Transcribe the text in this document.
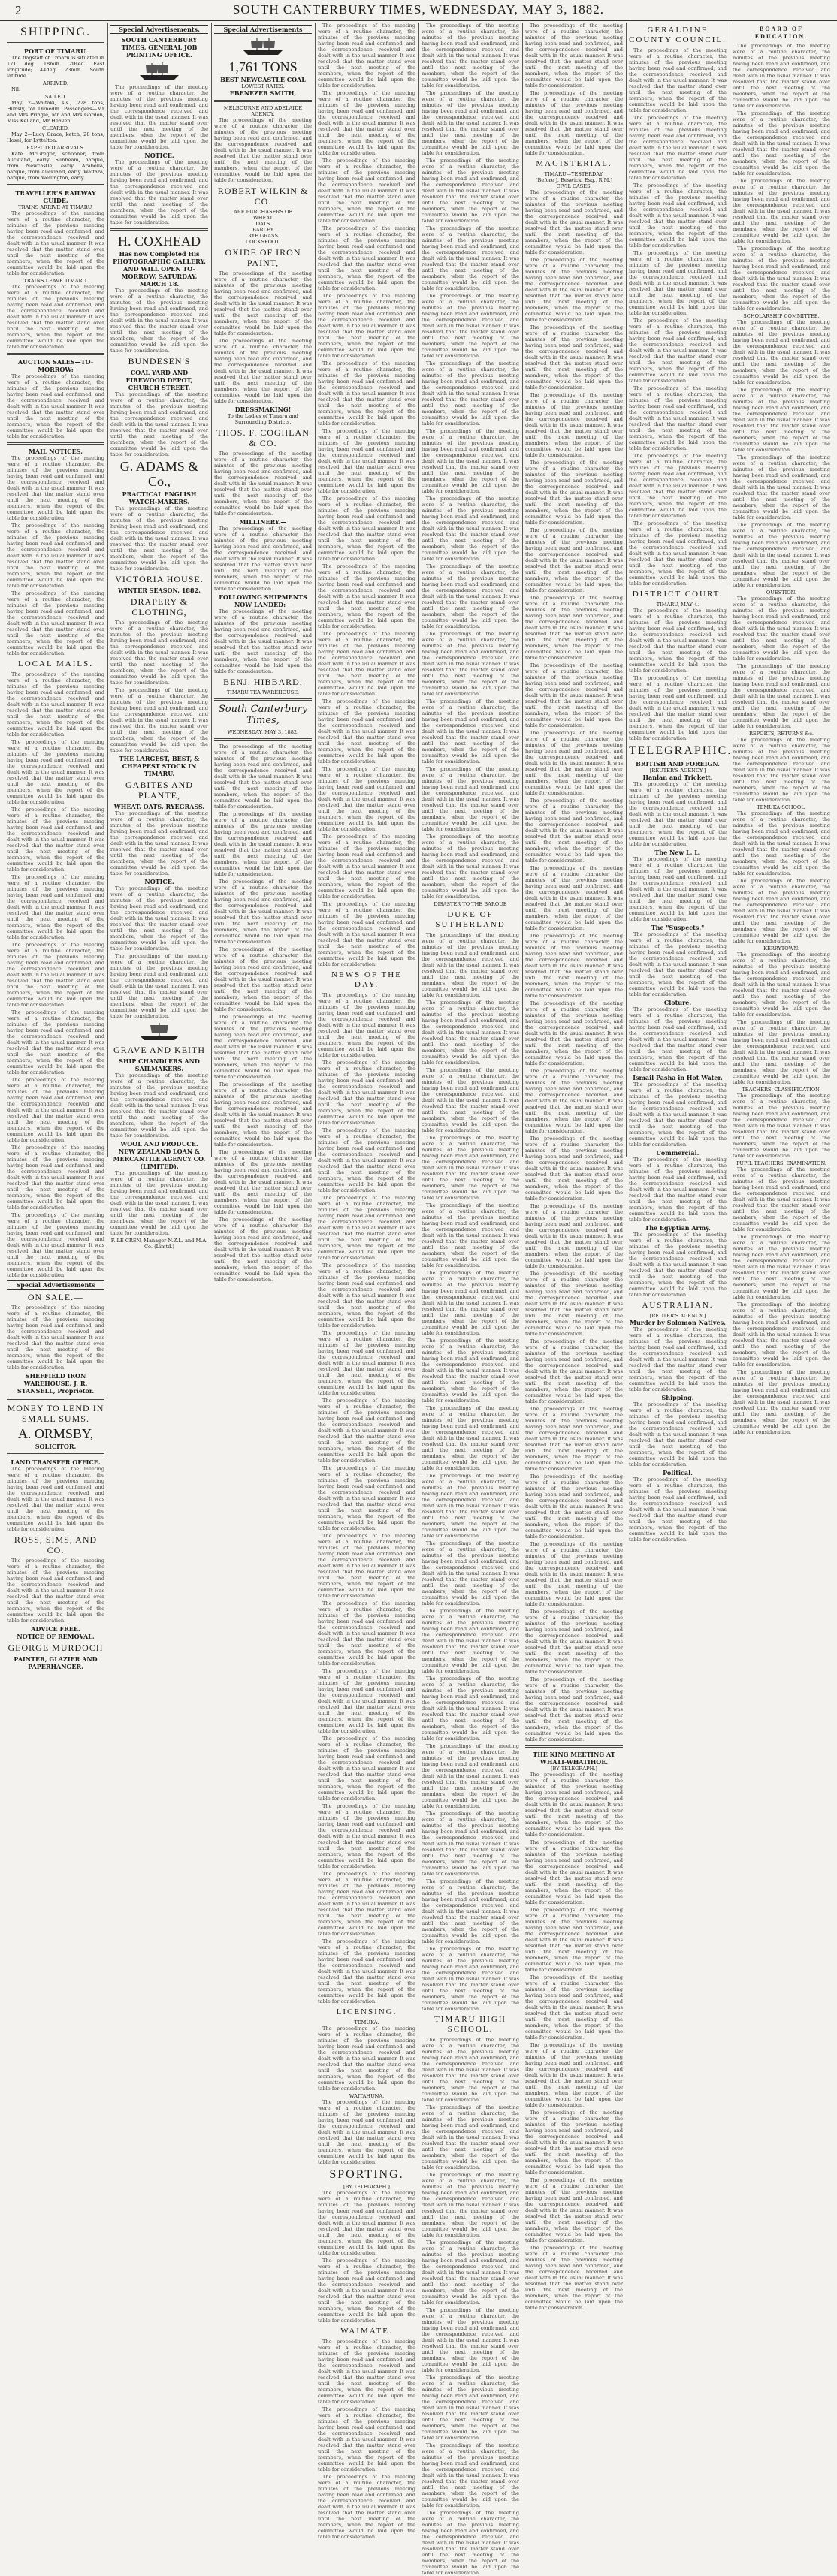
2	SOUTH CANTERBURY TIMES, WEDNESDAY, MAY 3, 1882.
SHIPPING.
PORT OF TIMARU.

The flagstaff of Timaru is situated in 171 deg. 18min. 20sec. East longitude; 44deg. 23min. South latitude.

ARRIVED.

Nil.

SAILED.

May 2—Waitaki, s.s., 228 tons, Hunsly, for Dunedin. Passengers—Mr and Mrs Pringle, Mr and Mrs Gordon, Miss Kelland, Mr Heaven.

CLEARED.

May 2—Lucy Grace, ketch, 28 tons, Hosel, for Lyttelton.

EXPECTED ARRIVALS.

Kate McGregor, schooner, from Auckland, early. Sunbeam, barque, from Newcastle, early. Arabella, barque, from Auckland, early. Waitara, barque, from Wellington, early.

TRAVELLER'S RAILWAY GUIDE.
TRAINS ARRIVE AT TIMARU.

The proceedings of the meeting were of a routine character, the minutes of the previous meeting having been read and confirmed, and the correspondence received and dealt with in the usual manner. It was resolved that the matter stand over until the next meeting of the members, when the report of the committee would be laid upon the table for consideration.

TRAINS LEAVE TIMARU.

The proceedings of the meeting were of a routine character, the minutes of the previous meeting having been read and confirmed, and the correspondence received and dealt with in the usual manner. It was resolved that the matter stand over until the next meeting of the members, when the report of the committee would be laid upon the table for consideration.

AUCTION SALES—TO-MORROW:

The proceedings of the meeting were of a routine character, the minutes of the previous meeting having been read and confirmed, and the correspondence received and dealt with in the usual manner. It was resolved that the matter stand over until the next meeting of the members, when the report of the committee would be laid upon the table for consideration.

MAIL NOTICES.

The proceedings of the meeting were of a routine character, the minutes of the previous meeting having been read and confirmed, and the correspondence received and dealt with in the usual manner. It was resolved that the matter stand over until the next meeting of the members, when the report of the committee would be laid upon the table for consideration.

The proceedings of the meeting were of a routine character, the minutes of the previous meeting having been read and confirmed, and the correspondence received and dealt with in the usual manner. It was resolved that the matter stand over until the next meeting of the members, when the report of the committee would be laid upon the table for consideration.

The proceedings of the meeting were of a routine character, the minutes of the previous meeting having been read and confirmed, and the correspondence received and dealt with in the usual manner. It was resolved that the matter stand over until the next meeting of the members, when the report of the committee would be laid upon the table for consideration.

LOCAL MAILS.

The proceedings of the meeting were of a routine character, the minutes of the previous meeting having been read and confirmed, and the correspondence received and dealt with in the usual manner. It was resolved that the matter stand over until the next meeting of the members, when the report of the committee would be laid upon the table for consideration.

The proceedings of the meeting were of a routine character, the minutes of the previous meeting having been read and confirmed, and the correspondence received and dealt with in the usual manner. It was resolved that the matter stand over until the next meeting of the members, when the report of the committee would be laid upon the table for consideration.

The proceedings of the meeting were of a routine character, the minutes of the previous meeting having been read and confirmed, and the correspondence received and dealt with in the usual manner. It was resolved that the matter stand over until the next meeting of the members, when the report of the committee would be laid upon the table for consideration.

The proceedings of the meeting were of a routine character, the minutes of the previous meeting having been read and confirmed, and the correspondence received and dealt with in the usual manner. It was resolved that the matter stand over until the next meeting of the members, when the report of the committee would be laid upon the table for consideration.

The proceedings of the meeting were of a routine character, the minutes of the previous meeting having been read and confirmed, and the correspondence received and dealt with in the usual manner. It was resolved that the matter stand over until the next meeting of the members, when the report of the committee would be laid upon the table for consideration.

The proceedings of the meeting were of a routine character, the minutes of the previous meeting having been read and confirmed, and the correspondence received and dealt with in the usual manner. It was resolved that the matter stand over until the next meeting of the members, when the report of the committee would be laid upon the table for consideration.

The proceedings of the meeting were of a routine character, the minutes of the previous meeting having been read and confirmed, and the correspondence received and dealt with in the usual manner. It was resolved that the matter stand over until the next meeting of the members, when the report of the committee would be laid upon the table for consideration.

The proceedings of the meeting were of a routine character, the minutes of the previous meeting having been read and confirmed, and the correspondence received and dealt with in the usual manner. It was resolved that the matter stand over until the next meeting of the members, when the report of the committee would be laid upon the table for consideration.

The proceedings of the meeting were of a routine character, the minutes of the previous meeting having been read and confirmed, and the correspondence received and dealt with in the usual manner. It was resolved that the matter stand over until the next meeting of the members, when the report of the committee would be laid upon the table for consideration.

Special Advertisements
ON SALE.—

The proceedings of the meeting were of a routine character, the minutes of the previous meeting having been read and confirmed, and the correspondence received and dealt with in the usual manner. It was resolved that the matter stand over until the next meeting of the members, when the report of the committee would be laid upon the table for consideration.

SHEFFIELD IRON WAREHOUSE, J. R. STANSELL, Proprietor.
MONEY TO LEND IN SMALL SUMS.
A. ORMSBY,
SOLICITOR.
LAND TRANSFER OFFICE.

The proceedings of the meeting were of a routine character, the minutes of the previous meeting having been read and confirmed, and the correspondence received and dealt with in the usual manner. It was resolved that the matter stand over until the next meeting of the members, when the report of the committee would be laid upon the table for consideration.

ROSS, SIMS, AND CO.

The proceedings of the meeting were of a routine character, the minutes of the previous meeting having been read and confirmed, and the correspondence received and dealt with in the usual manner. It was resolved that the matter stand over until the next meeting of the members, when the report of the committee would be laid upon the table for consideration.

ADVICE FREE.
NOTICE OF REMOVAL.
GEORGE MURDOCH
PAINTER, GLAZIER AND PAPERHANGER.
Special Advertisements.
SOUTH CANTERBURY TIMES, GENERAL JOB PRINTING OFFICE.

The proceedings of the meeting were of a routine character, the minutes of the previous meeting having been read and confirmed, and the correspondence received and dealt with in the usual manner. It was resolved that the matter stand over until the next meeting of the members, when the report of the committee would be laid upon the table for consideration.

NOTICE.

The proceedings of the meeting were of a routine character, the minutes of the previous meeting having been read and confirmed, and the correspondence received and dealt with in the usual manner. It was resolved that the matter stand over until the next meeting of the members, when the report of the committee would be laid upon the table for consideration.

H. COXHEAD
Has now Completed His PHOTOGRAPHIC GALLERY, AND WILL OPEN TO-MORROW, SATURDAY, MARCH 18.

The proceedings of the meeting were of a routine character, the minutes of the previous meeting having been read and confirmed, and the correspondence received and dealt with in the usual manner. It was resolved that the matter stand over until the next meeting of the members, when the report of the committee would be laid upon the table for consideration.

BUNDESEN'S
COAL YARD AND FIREWOOD DEPOT, CHURCH STREET.

The proceedings of the meeting were of a routine character, the minutes of the previous meeting having been read and confirmed, and the correspondence received and dealt with in the usual manner. It was resolved that the matter stand over until the next meeting of the members, when the report of the committee would be laid upon the table for consideration.

G. ADAMS & Co.,
PRACTICAL ENGLISH WATCH-MAKERS.

The proceedings of the meeting were of a routine character, the minutes of the previous meeting having been read and confirmed, and the correspondence received and dealt with in the usual manner. It was resolved that the matter stand over until the next meeting of the members, when the report of the committee would be laid upon the table for consideration.

VICTORIA HOUSE.
WINTER SEASON, 1882.
DRAPERY & CLOTHING,

The proceedings of the meeting were of a routine character, the minutes of the previous meeting having been read and confirmed, and the correspondence received and dealt with in the usual manner. It was resolved that the matter stand over until the next meeting of the members, when the report of the committee would be laid upon the table for consideration.

The proceedings of the meeting were of a routine character, the minutes of the previous meeting having been read and confirmed, and the correspondence received and dealt with in the usual manner. It was resolved that the matter stand over until the next meeting of the members, when the report of the committee would be laid upon the table for consideration.

THE LARGEST, BEST, & CHEAPEST STOCK IN TIMARU.
GABITES AND PLANTE,
WHEAT. OATS. RYEGRASS.

The proceedings of the meeting were of a routine character, the minutes of the previous meeting having been read and confirmed, and the correspondence received and dealt with in the usual manner. It was resolved that the matter stand over until the next meeting of the members, when the report of the committee would be laid upon the table for consideration.

NOTICE.

The proceedings of the meeting were of a routine character, the minutes of the previous meeting having been read and confirmed, and the correspondence received and dealt with in the usual manner. It was resolved that the matter stand over until the next meeting of the members, when the report of the committee would be laid upon the table for consideration.

The proceedings of the meeting were of a routine character, the minutes of the previous meeting having been read and confirmed, and the correspondence received and dealt with in the usual manner. It was resolved that the matter stand over until the next meeting of the members, when the report of the committee would be laid upon the table for consideration.

GRAVE AND KEITH
SHIP CHANDLERS AND SAILMAKERS.

The proceedings of the meeting were of a routine character, the minutes of the previous meeting having been read and confirmed, and the correspondence received and dealt with in the usual manner. It was resolved that the matter stand over until the next meeting of the members, when the report of the committee would be laid upon the table for consideration.

WOOL AND PRODUCE.
NEW ZEALAND LOAN & MERCANTILE AGENCY CO. (LIMITED).

The proceedings of the meeting were of a routine character, the minutes of the previous meeting having been read and confirmed, and the correspondence received and dealt with in the usual manner. It was resolved that the matter stand over until the next meeting of the members, when the report of the committee would be laid upon the table for consideration.

F. LE CREN, Manager N.Z.L. and M.A. Co. (Limtd.)
Special Advertisements
1,761 TONS
BEST NEWCASTLE COAL
LOWEST RATES.
EBENEZER SMITH,
MELBOURNE AND ADELAIDE AGENCY.

The proceedings of the meeting were of a routine character, the minutes of the previous meeting having been read and confirmed, and the correspondence received and dealt with in the usual manner. It was resolved that the matter stand over until the next meeting of the members, when the report of the committee would be laid upon the table for consideration.

ROBERT WILKIN & CO.
ARE PURCHASERS OF
WHEAT
OATS
BARLEY
RYE GRASS
COCKSFOOT.
OXIDE OF IRON PAINT,

The proceedings of the meeting were of a routine character, the minutes of the previous meeting having been read and confirmed, and the correspondence received and dealt with in the usual manner. It was resolved that the matter stand over until the next meeting of the members, when the report of the committee would be laid upon the table for consideration.

The proceedings of the meeting were of a routine character, the minutes of the previous meeting having been read and confirmed, and the correspondence received and dealt with in the usual manner. It was resolved that the matter stand over until the next meeting of the members, when the report of the committee would be laid upon the table for consideration.

DRESSMAKING!
To the Ladies of Timaru and Surrounding Districts.
THOS. F. COGHLAN & CO.

The proceedings of the meeting were of a routine character, the minutes of the previous meeting having been read and confirmed, and the correspondence received and dealt with in the usual manner. It was resolved that the matter stand over until the next meeting of the members, when the report of the committee would be laid upon the table for consideration.

MILLINERY.—

The proceedings of the meeting were of a routine character, the minutes of the previous meeting having been read and confirmed, and the correspondence received and dealt with in the usual manner. It was resolved that the matter stand over until the next meeting of the members, when the report of the committee would be laid upon the table for consideration.

FOLLOWING SHIPMENTS NOW LANDED:—

The proceedings of the meeting were of a routine character, the minutes of the previous meeting having been read and confirmed, and the correspondence received and dealt with in the usual manner. It was resolved that the matter stand over until the next meeting of the members, when the report of the committee would be laid upon the table for consideration.

BENJ. HIBBARD,
TIMARU TEA WAREHOUSE.
South Canterbury Times,
WEDNESDAY, MAY 3, 1882.

The proceedings of the meeting were of a routine character, the minutes of the previous meeting having been read and confirmed, and the correspondence received and dealt with in the usual manner. It was resolved that the matter stand over until the next meeting of the members, when the report of the committee would be laid upon the table for consideration.

The proceedings of the meeting were of a routine character, the minutes of the previous meeting having been read and confirmed, and the correspondence received and dealt with in the usual manner. It was resolved that the matter stand over until the next meeting of the members, when the report of the committee would be laid upon the table for consideration.

The proceedings of the meeting were of a routine character, the minutes of the previous meeting having been read and confirmed, and the correspondence received and dealt with in the usual manner. It was resolved that the matter stand over until the next meeting of the members, when the report of the committee would be laid upon the table for consideration.

The proceedings of the meeting were of a routine character, the minutes of the previous meeting having been read and confirmed, and the correspondence received and dealt with in the usual manner. It was resolved that the matter stand over until the next meeting of the members, when the report of the committee would be laid upon the table for consideration.

The proceedings of the meeting were of a routine character, the minutes of the previous meeting having been read and confirmed, and the correspondence received and dealt with in the usual manner. It was resolved that the matter stand over until the next meeting of the members, when the report of the committee would be laid upon the table for consideration.

The proceedings of the meeting were of a routine character, the minutes of the previous meeting having been read and confirmed, and the correspondence received and dealt with in the usual manner. It was resolved that the matter stand over until the next meeting of the members, when the report of the committee would be laid upon the table for consideration.

The proceedings of the meeting were of a routine character, the minutes of the previous meeting having been read and confirmed, and the correspondence received and dealt with in the usual manner. It was resolved that the matter stand over until the next meeting of the members, when the report of the committee would be laid upon the table for consideration.

The proceedings of the meeting were of a routine character, the minutes of the previous meeting having been read and confirmed, and the correspondence received and dealt with in the usual manner. It was resolved that the matter stand over until the next meeting of the members, when the report of the committee would be laid upon the table for consideration.

The proceedings of the meeting were of a routine character, the minutes of the previous meeting having been read and confirmed, and the correspondence received and dealt with in the usual manner. It was resolved that the matter stand over until the next meeting of the members, when the report of the committee would be laid upon the table for consideration.

The proceedings of the meeting were of a routine character, the minutes of the previous meeting having been read and confirmed, and the correspondence received and dealt with in the usual manner. It was resolved that the matter stand over until the next meeting of the members, when the report of the committee would be laid upon the table for consideration.

The proceedings of the meeting were of a routine character, the minutes of the previous meeting having been read and confirmed, and the correspondence received and dealt with in the usual manner. It was resolved that the matter stand over until the next meeting of the members, when the report of the committee would be laid upon the table for consideration.

The proceedings of the meeting were of a routine character, the minutes of the previous meeting having been read and confirmed, and the correspondence received and dealt with in the usual manner. It was resolved that the matter stand over until the next meeting of the members, when the report of the committee would be laid upon the table for consideration.

The proceedings of the meeting were of a routine character, the minutes of the previous meeting having been read and confirmed, and the correspondence received and dealt with in the usual manner. It was resolved that the matter stand over until the next meeting of the members, when the report of the committee would be laid upon the table for consideration.

The proceedings of the meeting were of a routine character, the minutes of the previous meeting having been read and confirmed, and the correspondence received and dealt with in the usual manner. It was resolved that the matter stand over until the next meeting of the members, when the report of the committee would be laid upon the table for consideration.

The proceedings of the meeting were of a routine character, the minutes of the previous meeting having been read and confirmed, and the correspondence received and dealt with in the usual manner. It was resolved that the matter stand over until the next meeting of the members, when the report of the committee would be laid upon the table for consideration.

The proceedings of the meeting were of a routine character, the minutes of the previous meeting having been read and confirmed, and the correspondence received and dealt with in the usual manner. It was resolved that the matter stand over until the next meeting of the members, when the report of the committee would be laid upon the table for consideration.

The proceedings of the meeting were of a routine character, the minutes of the previous meeting having been read and confirmed, and the correspondence received and dealt with in the usual manner. It was resolved that the matter stand over until the next meeting of the members, when the report of the committee would be laid upon the table for consideration.

The proceedings of the meeting were of a routine character, the minutes of the previous meeting having been read and confirmed, and the correspondence received and dealt with in the usual manner. It was resolved that the matter stand over until the next meeting of the members, when the report of the committee would be laid upon the table for consideration.

The proceedings of the meeting were of a routine character, the minutes of the previous meeting having been read and confirmed, and the correspondence received and dealt with in the usual manner. It was resolved that the matter stand over until the next meeting of the members, when the report of the committee would be laid upon the table for consideration.

The proceedings of the meeting were of a routine character, the minutes of the previous meeting having been read and confirmed, and the correspondence received and dealt with in the usual manner. It was resolved that the matter stand over until the next meeting of the members, when the report of the committee would be laid upon the table for consideration.

The proceedings of the meeting were of a routine character, the minutes of the previous meeting having been read and confirmed, and the correspondence received and dealt with in the usual manner. It was resolved that the matter stand over until the next meeting of the members, when the report of the committee would be laid upon the table for consideration.

The proceedings of the meeting were of a routine character, the minutes of the previous meeting having been read and confirmed, and the correspondence received and dealt with in the usual manner. It was resolved that the matter stand over until the next meeting of the members, when the report of the committee would be laid upon the table for consideration.

NEWS OF THE DAY.

The proceedings of the meeting were of a routine character, the minutes of the previous meeting having been read and confirmed, and the correspondence received and dealt with in the usual manner. It was resolved that the matter stand over until the next meeting of the members, when the report of the committee would be laid upon the table for consideration.

The proceedings of the meeting were of a routine character, the minutes of the previous meeting having been read and confirmed, and the correspondence received and dealt with in the usual manner. It was resolved that the matter stand over until the next meeting of the members, when the report of the committee would be laid upon the table for consideration.

The proceedings of the meeting were of a routine character, the minutes of the previous meeting having been read and confirmed, and the correspondence received and dealt with in the usual manner. It was resolved that the matter stand over until the next meeting of the members, when the report of the committee would be laid upon the table for consideration.

The proceedings of the meeting were of a routine character, the minutes of the previous meeting having been read and confirmed, and the correspondence received and dealt with in the usual manner. It was resolved that the matter stand over until the next meeting of the members, when the report of the committee would be laid upon the table for consideration.

The proceedings of the meeting were of a routine character, the minutes of the previous meeting having been read and confirmed, and the correspondence received and dealt with in the usual manner. It was resolved that the matter stand over until the next meeting of the members, when the report of the committee would be laid upon the table for consideration.

The proceedings of the meeting were of a routine character, the minutes of the previous meeting having been read and confirmed, and the correspondence received and dealt with in the usual manner. It was resolved that the matter stand over until the next meeting of the members, when the report of the committee would be laid upon the table for consideration.

The proceedings of the meeting were of a routine character, the minutes of the previous meeting having been read and confirmed, and the correspondence received and dealt with in the usual manner. It was resolved that the matter stand over until the next meeting of the members, when the report of the committee would be laid upon the table for consideration.

The proceedings of the meeting were of a routine character, the minutes of the previous meeting having been read and confirmed, and the correspondence received and dealt with in the usual manner. It was resolved that the matter stand over until the next meeting of the members, when the report of the committee would be laid upon the table for consideration.

The proceedings of the meeting were of a routine character, the minutes of the previous meeting having been read and confirmed, and the correspondence received and dealt with in the usual manner. It was resolved that the matter stand over until the next meeting of the members, when the report of the committee would be laid upon the table for consideration.

The proceedings of the meeting were of a routine character, the minutes of the previous meeting having been read and confirmed, and the correspondence received and dealt with in the usual manner. It was resolved that the matter stand over until the next meeting of the members, when the report of the committee would be laid upon the table for consideration.

The proceedings of the meeting were of a routine character, the minutes of the previous meeting having been read and confirmed, and the correspondence received and dealt with in the usual manner. It was resolved that the matter stand over until the next meeting of the members, when the report of the committee would be laid upon the table for consideration.

The proceedings of the meeting were of a routine character, the minutes of the previous meeting having been read and confirmed, and the correspondence received and dealt with in the usual manner. It was resolved that the matter stand over until the next meeting of the members, when the report of the committee would be laid upon the table for consideration.

The proceedings of the meeting were of a routine character, the minutes of the previous meeting having been read and confirmed, and the correspondence received and dealt with in the usual manner. It was resolved that the matter stand over until the next meeting of the members, when the report of the committee would be laid upon the table for consideration.

The proceedings of the meeting were of a routine character, the minutes of the previous meeting having been read and confirmed, and the correspondence received and dealt with in the usual manner. It was resolved that the matter stand over until the next meeting of the members, when the report of the committee would be laid upon the table for consideration.

The proceedings of the meeting were of a routine character, the minutes of the previous meeting having been read and confirmed, and the correspondence received and dealt with in the usual manner. It was resolved that the matter stand over until the next meeting of the members, when the report of the committee would be laid upon the table for consideration.

LICENSING.
TEMUKA.

The proceedings of the meeting were of a routine character, the minutes of the previous meeting having been read and confirmed, and the correspondence received and dealt with in the usual manner. It was resolved that the matter stand over until the next meeting of the members, when the report of the committee would be laid upon the table for consideration.

WAITAHUNA.

The proceedings of the meeting were of a routine character, the minutes of the previous meeting having been read and confirmed, and the correspondence received and dealt with in the usual manner. It was resolved that the matter stand over until the next meeting of the members, when the report of the committee would be laid upon the table for consideration.

SPORTING.
[BY TELEGRAPH.]

The proceedings of the meeting were of a routine character, the minutes of the previous meeting having been read and confirmed, and the correspondence received and dealt with in the usual manner. It was resolved that the matter stand over until the next meeting of the members, when the report of the committee would be laid upon the table for consideration.

The proceedings of the meeting were of a routine character, the minutes of the previous meeting having been read and confirmed, and the correspondence received and dealt with in the usual manner. It was resolved that the matter stand over until the next meeting of the members, when the report of the committee would be laid upon the table for consideration.

WAIMATE.

The proceedings of the meeting were of a routine character, the minutes of the previous meeting having been read and confirmed, and the correspondence received and dealt with in the usual manner. It was resolved that the matter stand over until the next meeting of the members, when the report of the committee would be laid upon the table for consideration.

The proceedings of the meeting were of a routine character, the minutes of the previous meeting having been read and confirmed, and the correspondence received and dealt with in the usual manner. It was resolved that the matter stand over until the next meeting of the members, when the report of the committee would be laid upon the table for consideration.

The proceedings of the meeting were of a routine character, the minutes of the previous meeting having been read and confirmed, and the correspondence received and dealt with in the usual manner. It was resolved that the matter stand over until the next meeting of the members, when the report of the committee would be laid upon the table for consideration.

The proceedings of the meeting were of a routine character, the minutes of the previous meeting having been read and confirmed, and the correspondence received and dealt with in the usual manner. It was resolved that the matter stand over until the next meeting of the members, when the report of the committee would be laid upon the table for consideration.

The proceedings of the meeting were of a routine character, the minutes of the previous meeting having been read and confirmed, and the correspondence received and dealt with in the usual manner. It was resolved that the matter stand over until the next meeting of the members, when the report of the committee would be laid upon the table for consideration.

The proceedings of the meeting were of a routine character, the minutes of the previous meeting having been read and confirmed, and the correspondence received and dealt with in the usual manner. It was resolved that the matter stand over until the next meeting of the members, when the report of the committee would be laid upon the table for consideration.

The proceedings of the meeting were of a routine character, the minutes of the previous meeting having been read and confirmed, and the correspondence received and dealt with in the usual manner. It was resolved that the matter stand over until the next meeting of the members, when the report of the committee would be laid upon the table for consideration.

The proceedings of the meeting were of a routine character, the minutes of the previous meeting having been read and confirmed, and the correspondence received and dealt with in the usual manner. It was resolved that the matter stand over until the next meeting of the members, when the report of the committee would be laid upon the table for consideration.

The proceedings of the meeting were of a routine character, the minutes of the previous meeting having been read and confirmed, and the correspondence received and dealt with in the usual manner. It was resolved that the matter stand over until the next meeting of the members, when the report of the committee would be laid upon the table for consideration.

The proceedings of the meeting were of a routine character, the minutes of the previous meeting having been read and confirmed, and the correspondence received and dealt with in the usual manner. It was resolved that the matter stand over until the next meeting of the members, when the report of the committee would be laid upon the table for consideration.

The proceedings of the meeting were of a routine character, the minutes of the previous meeting having been read and confirmed, and the correspondence received and dealt with in the usual manner. It was resolved that the matter stand over until the next meeting of the members, when the report of the committee would be laid upon the table for consideration.

The proceedings of the meeting were of a routine character, the minutes of the previous meeting having been read and confirmed, and the correspondence received and dealt with in the usual manner. It was resolved that the matter stand over until the next meeting of the members, when the report of the committee would be laid upon the table for consideration.

The proceedings of the meeting were of a routine character, the minutes of the previous meeting having been read and confirmed, and the correspondence received and dealt with in the usual manner. It was resolved that the matter stand over until the next meeting of the members, when the report of the committee would be laid upon the table for consideration.

The proceedings of the meeting were of a routine character, the minutes of the previous meeting having been read and confirmed, and the correspondence received and dealt with in the usual manner. It was resolved that the matter stand over until the next meeting of the members, when the report of the committee would be laid upon the table for consideration.

The proceedings of the meeting were of a routine character, the minutes of the previous meeting having been read and confirmed, and the correspondence received and dealt with in the usual manner. It was resolved that the matter stand over until the next meeting of the members, when the report of the committee would be laid upon the table for consideration.

The proceedings of the meeting were of a routine character, the minutes of the previous meeting having been read and confirmed, and the correspondence received and dealt with in the usual manner. It was resolved that the matter stand over until the next meeting of the members, when the report of the committee would be laid upon the table for consideration.

DISASTER TO THE BARQUE
DUKE OF SUTHERLAND

The proceedings of the meeting were of a routine character, the minutes of the previous meeting having been read and confirmed, and the correspondence received and dealt with in the usual manner. It was resolved that the matter stand over until the next meeting of the members, when the report of the committee would be laid upon the table for consideration.

The proceedings of the meeting were of a routine character, the minutes of the previous meeting having been read and confirmed, and the correspondence received and dealt with in the usual manner. It was resolved that the matter stand over until the next meeting of the members, when the report of the committee would be laid upon the table for consideration.

The proceedings of the meeting were of a routine character, the minutes of the previous meeting having been read and confirmed, and the correspondence received and dealt with in the usual manner. It was resolved that the matter stand over until the next meeting of the members, when the report of the committee would be laid upon the table for consideration.

The proceedings of the meeting were of a routine character, the minutes of the previous meeting having been read and confirmed, and the correspondence received and dealt with in the usual manner. It was resolved that the matter stand over until the next meeting of the members, when the report of the committee would be laid upon the table for consideration.

The proceedings of the meeting were of a routine character, the minutes of the previous meeting having been read and confirmed, and the correspondence received and dealt with in the usual manner. It was resolved that the matter stand over until the next meeting of the members, when the report of the committee would be laid upon the table for consideration.

The proceedings of the meeting were of a routine character, the minutes of the previous meeting having been read and confirmed, and the correspondence received and dealt with in the usual manner. It was resolved that the matter stand over until the next meeting of the members, when the report of the committee would be laid upon the table for consideration.

The proceedings of the meeting were of a routine character, the minutes of the previous meeting having been read and confirmed, and the correspondence received and dealt with in the usual manner. It was resolved that the matter stand over until the next meeting of the members, when the report of the committee would be laid upon the table for consideration.

The proceedings of the meeting were of a routine character, the minutes of the previous meeting having been read and confirmed, and the correspondence received and dealt with in the usual manner. It was resolved that the matter stand over until the next meeting of the members, when the report of the committee would be laid upon the table for consideration.

The proceedings of the meeting were of a routine character, the minutes of the previous meeting having been read and confirmed, and the correspondence received and dealt with in the usual manner. It was resolved that the matter stand over until the next meeting of the members, when the report of the committee would be laid upon the table for consideration.

The proceedings of the meeting were of a routine character, the minutes of the previous meeting having been read and confirmed, and the correspondence received and dealt with in the usual manner. It was resolved that the matter stand over until the next meeting of the members, when the report of the committee would be laid upon the table for consideration.

The proceedings of the meeting were of a routine character, the minutes of the previous meeting having been read and confirmed, and the correspondence received and dealt with in the usual manner. It was resolved that the matter stand over until the next meeting of the members, when the report of the committee would be laid upon the table for consideration.

The proceedings of the meeting were of a routine character, the minutes of the previous meeting having been read and confirmed, and the correspondence received and dealt with in the usual manner. It was resolved that the matter stand over until the next meeting of the members, when the report of the committee would be laid upon the table for consideration.

The proceedings of the meeting were of a routine character, the minutes of the previous meeting having been read and confirmed, and the correspondence received and dealt with in the usual manner. It was resolved that the matter stand over until the next meeting of the members, when the report of the committee would be laid upon the table for consideration.

The proceedings of the meeting were of a routine character, the minutes of the previous meeting having been read and confirmed, and the correspondence received and dealt with in the usual manner. It was resolved that the matter stand over until the next meeting of the members, when the report of the committee would be laid upon the table for consideration.

The proceedings of the meeting were of a routine character, the minutes of the previous meeting having been read and confirmed, and the correspondence received and dealt with in the usual manner. It was resolved that the matter stand over until the next meeting of the members, when the report of the committee would be laid upon the table for consideration.

The proceedings of the meeting were of a routine character, the minutes of the previous meeting having been read and confirmed, and the correspondence received and dealt with in the usual manner. It was resolved that the matter stand over until the next meeting of the members, when the report of the committee would be laid upon the table for consideration.

TIMARU HIGH SCHOOL.

The proceedings of the meeting were of a routine character, the minutes of the previous meeting having been read and confirmed, and the correspondence received and dealt with in the usual manner. It was resolved that the matter stand over until the next meeting of the members, when the report of the committee would be laid upon the table for consideration.

The proceedings of the meeting were of a routine character, the minutes of the previous meeting having been read and confirmed, and the correspondence received and dealt with in the usual manner. It was resolved that the matter stand over until the next meeting of the members, when the report of the committee would be laid upon the table for consideration.

The proceedings of the meeting were of a routine character, the minutes of the previous meeting having been read and confirmed, and the correspondence received and dealt with in the usual manner. It was resolved that the matter stand over until the next meeting of the members, when the report of the committee would be laid upon the table for consideration.

The proceedings of the meeting were of a routine character, the minutes of the previous meeting having been read and confirmed, and the correspondence received and dealt with in the usual manner. It was resolved that the matter stand over until the next meeting of the members, when the report of the committee would be laid upon the table for consideration.

The proceedings of the meeting were of a routine character, the minutes of the previous meeting having been read and confirmed, and the correspondence received and dealt with in the usual manner. It was resolved that the matter stand over until the next meeting of the members, when the report of the committee would be laid upon the table for consideration.

The proceedings of the meeting were of a routine character, the minutes of the previous meeting having been read and confirmed, and the correspondence received and dealt with in the usual manner. It was resolved that the matter stand over until the next meeting of the members, when the report of the committee would be laid upon the table for consideration.

The proceedings of the meeting were of a routine character, the minutes of the previous meeting having been read and confirmed, and the correspondence received and dealt with in the usual manner. It was resolved that the matter stand over until the next meeting of the members, when the report of the committee would be laid upon the table for consideration.

The proceedings of the meeting were of a routine character, the minutes of the previous meeting having been read and confirmed, and the correspondence received and dealt with in the usual manner. It was resolved that the matter stand over until the next meeting of the members, when the report of the committee would be laid upon the table for consideration.

The proceedings of the meeting were of a routine character, the minutes of the previous meeting having been read and confirmed, and the correspondence received and dealt with in the usual manner. It was resolved that the matter stand over until the next meeting of the members, when the report of the committee would be laid upon the table for consideration.

The proceedings of the meeting were of a routine character, the minutes of the previous meeting having been read and confirmed, and the correspondence received and dealt with in the usual manner. It was resolved that the matter stand over until the next meeting of the members, when the report of the committee would be laid upon the table for consideration.

MAGISTERIAL.
TIMARU—YESTERDAY.
[Before J. Beswick, Esq., R.M.]
CIVIL CASES.

The proceedings of the meeting were of a routine character, the minutes of the previous meeting having been read and confirmed, and the correspondence received and dealt with in the usual manner. It was resolved that the matter stand over until the next meeting of the members, when the report of the committee would be laid upon the table for consideration.

The proceedings of the meeting were of a routine character, the minutes of the previous meeting having been read and confirmed, and the correspondence received and dealt with in the usual manner. It was resolved that the matter stand over until the next meeting of the members, when the report of the committee would be laid upon the table for consideration.

The proceedings of the meeting were of a routine character, the minutes of the previous meeting having been read and confirmed, and the correspondence received and dealt with in the usual manner. It was resolved that the matter stand over until the next meeting of the members, when the report of the committee would be laid upon the table for consideration.

The proceedings of the meeting were of a routine character, the minutes of the previous meeting having been read and confirmed, and the correspondence received and dealt with in the usual manner. It was resolved that the matter stand over until the next meeting of the members, when the report of the committee would be laid upon the table for consideration.

The proceedings of the meeting were of a routine character, the minutes of the previous meeting having been read and confirmed, and the correspondence received and dealt with in the usual manner. It was resolved that the matter stand over until the next meeting of the members, when the report of the committee would be laid upon the table for consideration.

The proceedings of the meeting were of a routine character, the minutes of the previous meeting having been read and confirmed, and the correspondence received and dealt with in the usual manner. It was resolved that the matter stand over until the next meeting of the members, when the report of the committee would be laid upon the table for consideration.

The proceedings of the meeting were of a routine character, the minutes of the previous meeting having been read and confirmed, and the correspondence received and dealt with in the usual manner. It was resolved that the matter stand over until the next meeting of the members, when the report of the committee would be laid upon the table for consideration.

The proceedings of the meeting were of a routine character, the minutes of the previous meeting having been read and confirmed, and the correspondence received and dealt with in the usual manner. It was resolved that the matter stand over until the next meeting of the members, when the report of the committee would be laid upon the table for consideration.

The proceedings of the meeting were of a routine character, the minutes of the previous meeting having been read and confirmed, and the correspondence received and dealt with in the usual manner. It was resolved that the matter stand over until the next meeting of the members, when the report of the committee would be laid upon the table for consideration.

The proceedings of the meeting were of a routine character, the minutes of the previous meeting having been read and confirmed, and the correspondence received and dealt with in the usual manner. It was resolved that the matter stand over until the next meeting of the members, when the report of the committee would be laid upon the table for consideration.

The proceedings of the meeting were of a routine character, the minutes of the previous meeting having been read and confirmed, and the correspondence received and dealt with in the usual manner. It was resolved that the matter stand over until the next meeting of the members, when the report of the committee would be laid upon the table for consideration.

The proceedings of the meeting were of a routine character, the minutes of the previous meeting having been read and confirmed, and the correspondence received and dealt with in the usual manner. It was resolved that the matter stand over until the next meeting of the members, when the report of the committee would be laid upon the table for consideration.

The proceedings of the meeting were of a routine character, the minutes of the previous meeting having been read and confirmed, and the correspondence received and dealt with in the usual manner. It was resolved that the matter stand over until the next meeting of the members, when the report of the committee would be laid upon the table for consideration.

The proceedings of the meeting were of a routine character, the minutes of the previous meeting having been read and confirmed, and the correspondence received and dealt with in the usual manner. It was resolved that the matter stand over until the next meeting of the members, when the report of the committee would be laid upon the table for consideration.

The proceedings of the meeting were of a routine character, the minutes of the previous meeting having been read and confirmed, and the correspondence received and dealt with in the usual manner. It was resolved that the matter stand over until the next meeting of the members, when the report of the committee would be laid upon the table for consideration.

The proceedings of the meeting were of a routine character, the minutes of the previous meeting having been read and confirmed, and the correspondence received and dealt with in the usual manner. It was resolved that the matter stand over until the next meeting of the members, when the report of the committee would be laid upon the table for consideration.

The proceedings of the meeting were of a routine character, the minutes of the previous meeting having been read and confirmed, and the correspondence received and dealt with in the usual manner. It was resolved that the matter stand over until the next meeting of the members, when the report of the committee would be laid upon the table for consideration.

The proceedings of the meeting were of a routine character, the minutes of the previous meeting having been read and confirmed, and the correspondence received and dealt with in the usual manner. It was resolved that the matter stand over until the next meeting of the members, when the report of the committee would be laid upon the table for consideration.

The proceedings of the meeting were of a routine character, the minutes of the previous meeting having been read and confirmed, and the correspondence received and dealt with in the usual manner. It was resolved that the matter stand over until the next meeting of the members, when the report of the committee would be laid upon the table for consideration.

The proceedings of the meeting were of a routine character, the minutes of the previous meeting having been read and confirmed, and the correspondence received and dealt with in the usual manner. It was resolved that the matter stand over until the next meeting of the members, when the report of the committee would be laid upon the table for consideration.

The proceedings of the meeting were of a routine character, the minutes of the previous meeting having been read and confirmed, and the correspondence received and dealt with in the usual manner. It was resolved that the matter stand over until the next meeting of the members, when the report of the committee would be laid upon the table for consideration.

The proceedings of the meeting were of a routine character, the minutes of the previous meeting having been read and confirmed, and the correspondence received and dealt with in the usual manner. It was resolved that the matter stand over until the next meeting of the members, when the report of the committee would be laid upon the table for consideration.

The proceedings of the meeting were of a routine character, the minutes of the previous meeting having been read and confirmed, and the correspondence received and dealt with in the usual manner. It was resolved that the matter stand over until the next meeting of the members, when the report of the committee would be laid upon the table for consideration.

THE KING MEETING AT WHATI-WHATIHOE.
[BY TELEGRAPH.]

The proceedings of the meeting were of a routine character, the minutes of the previous meeting having been read and confirmed, and the correspondence received and dealt with in the usual manner. It was resolved that the matter stand over until the next meeting of the members, when the report of the committee would be laid upon the table for consideration.

The proceedings of the meeting were of a routine character, the minutes of the previous meeting having been read and confirmed, and the correspondence received and dealt with in the usual manner. It was resolved that the matter stand over until the next meeting of the members, when the report of the committee would be laid upon the table for consideration.

The proceedings of the meeting were of a routine character, the minutes of the previous meeting having been read and confirmed, and the correspondence received and dealt with in the usual manner. It was resolved that the matter stand over until the next meeting of the members, when the report of the committee would be laid upon the table for consideration.

The proceedings of the meeting were of a routine character, the minutes of the previous meeting having been read and confirmed, and the correspondence received and dealt with in the usual manner. It was resolved that the matter stand over until the next meeting of the members, when the report of the committee would be laid upon the table for consideration.

The proceedings of the meeting were of a routine character, the minutes of the previous meeting having been read and confirmed, and the correspondence received and dealt with in the usual manner. It was resolved that the matter stand over until the next meeting of the members, when the report of the committee would be laid upon the table for consideration.

The proceedings of the meeting were of a routine character, the minutes of the previous meeting having been read and confirmed, and the correspondence received and dealt with in the usual manner. It was resolved that the matter stand over until the next meeting of the members, when the report of the committee would be laid upon the table for consideration.

The proceedings of the meeting were of a routine character, the minutes of the previous meeting having been read and confirmed, and the correspondence received and dealt with in the usual manner. It was resolved that the matter stand over until the next meeting of the members, when the report of the committee would be laid upon the table for consideration.

The proceedings of the meeting were of a routine character, the minutes of the previous meeting having been read and confirmed, and the correspondence received and dealt with in the usual manner. It was resolved that the matter stand over until the next meeting of the members, when the report of the committee would be laid upon the table for consideration.

GERALDINE COUNTY COUNCIL.

The proceedings of the meeting were of a routine character, the minutes of the previous meeting having been read and confirmed, and the correspondence received and dealt with in the usual manner. It was resolved that the matter stand over until the next meeting of the members, when the report of the committee would be laid upon the table for consideration.

The proceedings of the meeting were of a routine character, the minutes of the previous meeting having been read and confirmed, and the correspondence received and dealt with in the usual manner. It was resolved that the matter stand over until the next meeting of the members, when the report of the committee would be laid upon the table for consideration.

The proceedings of the meeting were of a routine character, the minutes of the previous meeting having been read and confirmed, and the correspondence received and dealt with in the usual manner. It was resolved that the matter stand over until the next meeting of the members, when the report of the committee would be laid upon the table for consideration.

The proceedings of the meeting were of a routine character, the minutes of the previous meeting having been read and confirmed, and the correspondence received and dealt with in the usual manner. It was resolved that the matter stand over until the next meeting of the members, when the report of the committee would be laid upon the table for consideration.

The proceedings of the meeting were of a routine character, the minutes of the previous meeting having been read and confirmed, and the correspondence received and dealt with in the usual manner. It was resolved that the matter stand over until the next meeting of the members, when the report of the committee would be laid upon the table for consideration.

The proceedings of the meeting were of a routine character, the minutes of the previous meeting having been read and confirmed, and the correspondence received and dealt with in the usual manner. It was resolved that the matter stand over until the next meeting of the members, when the report of the committee would be laid upon the table for consideration.

The proceedings of the meeting were of a routine character, the minutes of the previous meeting having been read and confirmed, and the correspondence received and dealt with in the usual manner. It was resolved that the matter stand over until the next meeting of the members, when the report of the committee would be laid upon the table for consideration.

The proceedings of the meeting were of a routine character, the minutes of the previous meeting having been read and confirmed, and the correspondence received and dealt with in the usual manner. It was resolved that the matter stand over until the next meeting of the members, when the report of the committee would be laid upon the table for consideration.

DISTRICT COURT.
TIMARU, MAY 4.

The proceedings of the meeting were of a routine character, the minutes of the previous meeting having been read and confirmed, and the correspondence received and dealt with in the usual manner. It was resolved that the matter stand over until the next meeting of the members, when the report of the committee would be laid upon the table for consideration.

The proceedings of the meeting were of a routine character, the minutes of the previous meeting having been read and confirmed, and the correspondence received and dealt with in the usual manner. It was resolved that the matter stand over until the next meeting of the members, when the report of the committee would be laid upon the table for consideration.

TELEGRAPHIC.
BRITISH AND FOREIGN.
[REUTER'S AGENCY.]
Hanlan and Trickett.

The proceedings of the meeting were of a routine character, the minutes of the previous meeting having been read and confirmed, and the correspondence received and dealt with in the usual manner. It was resolved that the matter stand over until the next meeting of the members, when the report of the committee would be laid upon the table for consideration.

The New L. L.

The proceedings of the meeting were of a routine character, the minutes of the previous meeting having been read and confirmed, and the correspondence received and dealt with in the usual manner. It was resolved that the matter stand over until the next meeting of the members, when the report of the committee would be laid upon the table for consideration.

The "Suspects."

The proceedings of the meeting were of a routine character, the minutes of the previous meeting having been read and confirmed, and the correspondence received and dealt with in the usual manner. It was resolved that the matter stand over until the next meeting of the members, when the report of the committee would be laid upon the table for consideration.

Cloture.

The proceedings of the meeting were of a routine character, the minutes of the previous meeting having been read and confirmed, and the correspondence received and dealt with in the usual manner. It was resolved that the matter stand over until the next meeting of the members, when the report of the committee would be laid upon the table for consideration.

Ismail Pasha in Hot Water.

The proceedings of the meeting were of a routine character, the minutes of the previous meeting having been read and confirmed, and the correspondence received and dealt with in the usual manner. It was resolved that the matter stand over until the next meeting of the members, when the report of the committee would be laid upon the table for consideration.

Commercial.

The proceedings of the meeting were of a routine character, the minutes of the previous meeting having been read and confirmed, and the correspondence received and dealt with in the usual manner. It was resolved that the matter stand over until the next meeting of the members, when the report of the committee would be laid upon the table for consideration.

The Egyptian Army.

The proceedings of the meeting were of a routine character, the minutes of the previous meeting having been read and confirmed, and the correspondence received and dealt with in the usual manner. It was resolved that the matter stand over until the next meeting of the members, when the report of the committee would be laid upon the table for consideration.

AUSTRALIAN.
[REUTER'S AGENCY.]
Murder by Solomon Natives.

The proceedings of the meeting were of a routine character, the minutes of the previous meeting having been read and confirmed, and the correspondence received and dealt with in the usual manner. It was resolved that the matter stand over until the next meeting of the members, when the report of the committee would be laid upon the table for consideration.

Shipping.

The proceedings of the meeting were of a routine character, the minutes of the previous meeting having been read and confirmed, and the correspondence received and dealt with in the usual manner. It was resolved that the matter stand over until the next meeting of the members, when the report of the committee would be laid upon the table for consideration.

Political.

The proceedings of the meeting were of a routine character, the minutes of the previous meeting having been read and confirmed, and the correspondence received and dealt with in the usual manner. It was resolved that the matter stand over until the next meeting of the members, when the report of the committee would be laid upon the table for consideration.

BOARD OF EDUCATION.

The proceedings of the meeting were of a routine character, the minutes of the previous meeting having been read and confirmed, and the correspondence received and dealt with in the usual manner. It was resolved that the matter stand over until the next meeting of the members, when the report of the committee would be laid upon the table for consideration.

The proceedings of the meeting were of a routine character, the minutes of the previous meeting having been read and confirmed, and the correspondence received and dealt with in the usual manner. It was resolved that the matter stand over until the next meeting of the members, when the report of the committee would be laid upon the table for consideration.

The proceedings of the meeting were of a routine character, the minutes of the previous meeting having been read and confirmed, and the correspondence received and dealt with in the usual manner. It was resolved that the matter stand over until the next meeting of the members, when the report of the committee would be laid upon the table for consideration.

The proceedings of the meeting were of a routine character, the minutes of the previous meeting having been read and confirmed, and the correspondence received and dealt with in the usual manner. It was resolved that the matter stand over until the next meeting of the members, when the report of the committee would be laid upon the table for consideration.

SCHOLARSHIP COMMITTEE.

The proceedings of the meeting were of a routine character, the minutes of the previous meeting having been read and confirmed, and the correspondence received and dealt with in the usual manner. It was resolved that the matter stand over until the next meeting of the members, when the report of the committee would be laid upon the table for consideration.

The proceedings of the meeting were of a routine character, the minutes of the previous meeting having been read and confirmed, and the correspondence received and dealt with in the usual manner. It was resolved that the matter stand over until the next meeting of the members, when the report of the committee would be laid upon the table for consideration.

The proceedings of the meeting were of a routine character, the minutes of the previous meeting having been read and confirmed, and the correspondence received and dealt with in the usual manner. It was resolved that the matter stand over until the next meeting of the members, when the report of the committee would be laid upon the table for consideration.

The proceedings of the meeting were of a routine character, the minutes of the previous meeting having been read and confirmed, and the correspondence received and dealt with in the usual manner. It was resolved that the matter stand over until the next meeting of the members, when the report of the committee would be laid upon the table for consideration.

QUESTION.

The proceedings of the meeting were of a routine character, the minutes of the previous meeting having been read and confirmed, and the correspondence received and dealt with in the usual manner. It was resolved that the matter stand over until the next meeting of the members, when the report of the committee would be laid upon the table for consideration.

The proceedings of the meeting were of a routine character, the minutes of the previous meeting having been read and confirmed, and the correspondence received and dealt with in the usual manner. It was resolved that the matter stand over until the next meeting of the members, when the report of the committee would be laid upon the table for consideration.

REPORTS, RETURNS &c.

The proceedings of the meeting were of a routine character, the minutes of the previous meeting having been read and confirmed, and the correspondence received and dealt with in the usual manner. It was resolved that the matter stand over until the next meeting of the members, when the report of the committee would be laid upon the table for consideration.

TEMUKA SCHOOL.

The proceedings of the meeting were of a routine character, the minutes of the previous meeting having been read and confirmed, and the correspondence received and dealt with in the usual manner. It was resolved that the matter stand over until the next meeting of the members, when the report of the committee would be laid upon the table for consideration.

The proceedings of the meeting were of a routine character, the minutes of the previous meeting having been read and confirmed, and the correspondence received and dealt with in the usual manner. It was resolved that the matter stand over until the next meeting of the members, when the report of the committee would be laid upon the table for consideration.

KERRYTOWN.

The proceedings of the meeting were of a routine character, the minutes of the previous meeting having been read and confirmed, and the correspondence received and dealt with in the usual manner. It was resolved that the matter stand over until the next meeting of the members, when the report of the committee would be laid upon the table for consideration.

The proceedings of the meeting were of a routine character, the minutes of the previous meeting having been read and confirmed, and the correspondence received and dealt with in the usual manner. It was resolved that the matter stand over until the next meeting of the members, when the report of the committee would be laid upon the table for consideration.

TEACHERS' CLASSIFICATION.

The proceedings of the meeting were of a routine character, the minutes of the previous meeting having been read and confirmed, and the correspondence received and dealt with in the usual manner. It was resolved that the matter stand over until the next meeting of the members, when the report of the committee would be laid upon the table for consideration.

PUPIL TEACHERS' EXAMINATION.

The proceedings of the meeting were of a routine character, the minutes of the previous meeting having been read and confirmed, and the correspondence received and dealt with in the usual manner. It was resolved that the matter stand over until the next meeting of the members, when the report of the committee would be laid upon the table for consideration.

The proceedings of the meeting were of a routine character, the minutes of the previous meeting having been read and confirmed, and the correspondence received and dealt with in the usual manner. It was resolved that the matter stand over until the next meeting of the members, when the report of the committee would be laid upon the table for consideration.

The proceedings of the meeting were of a routine character, the minutes of the previous meeting having been read and confirmed, and the correspondence received and dealt with in the usual manner. It was resolved that the matter stand over until the next meeting of the members, when the report of the committee would be laid upon the table for consideration.

The proceedings of the meeting were of a routine character, the minutes of the previous meeting having been read and confirmed, and the correspondence received and dealt with in the usual manner. It was resolved that the matter stand over until the next meeting of the members, when the report of the committee would be laid upon the table for consideration.
